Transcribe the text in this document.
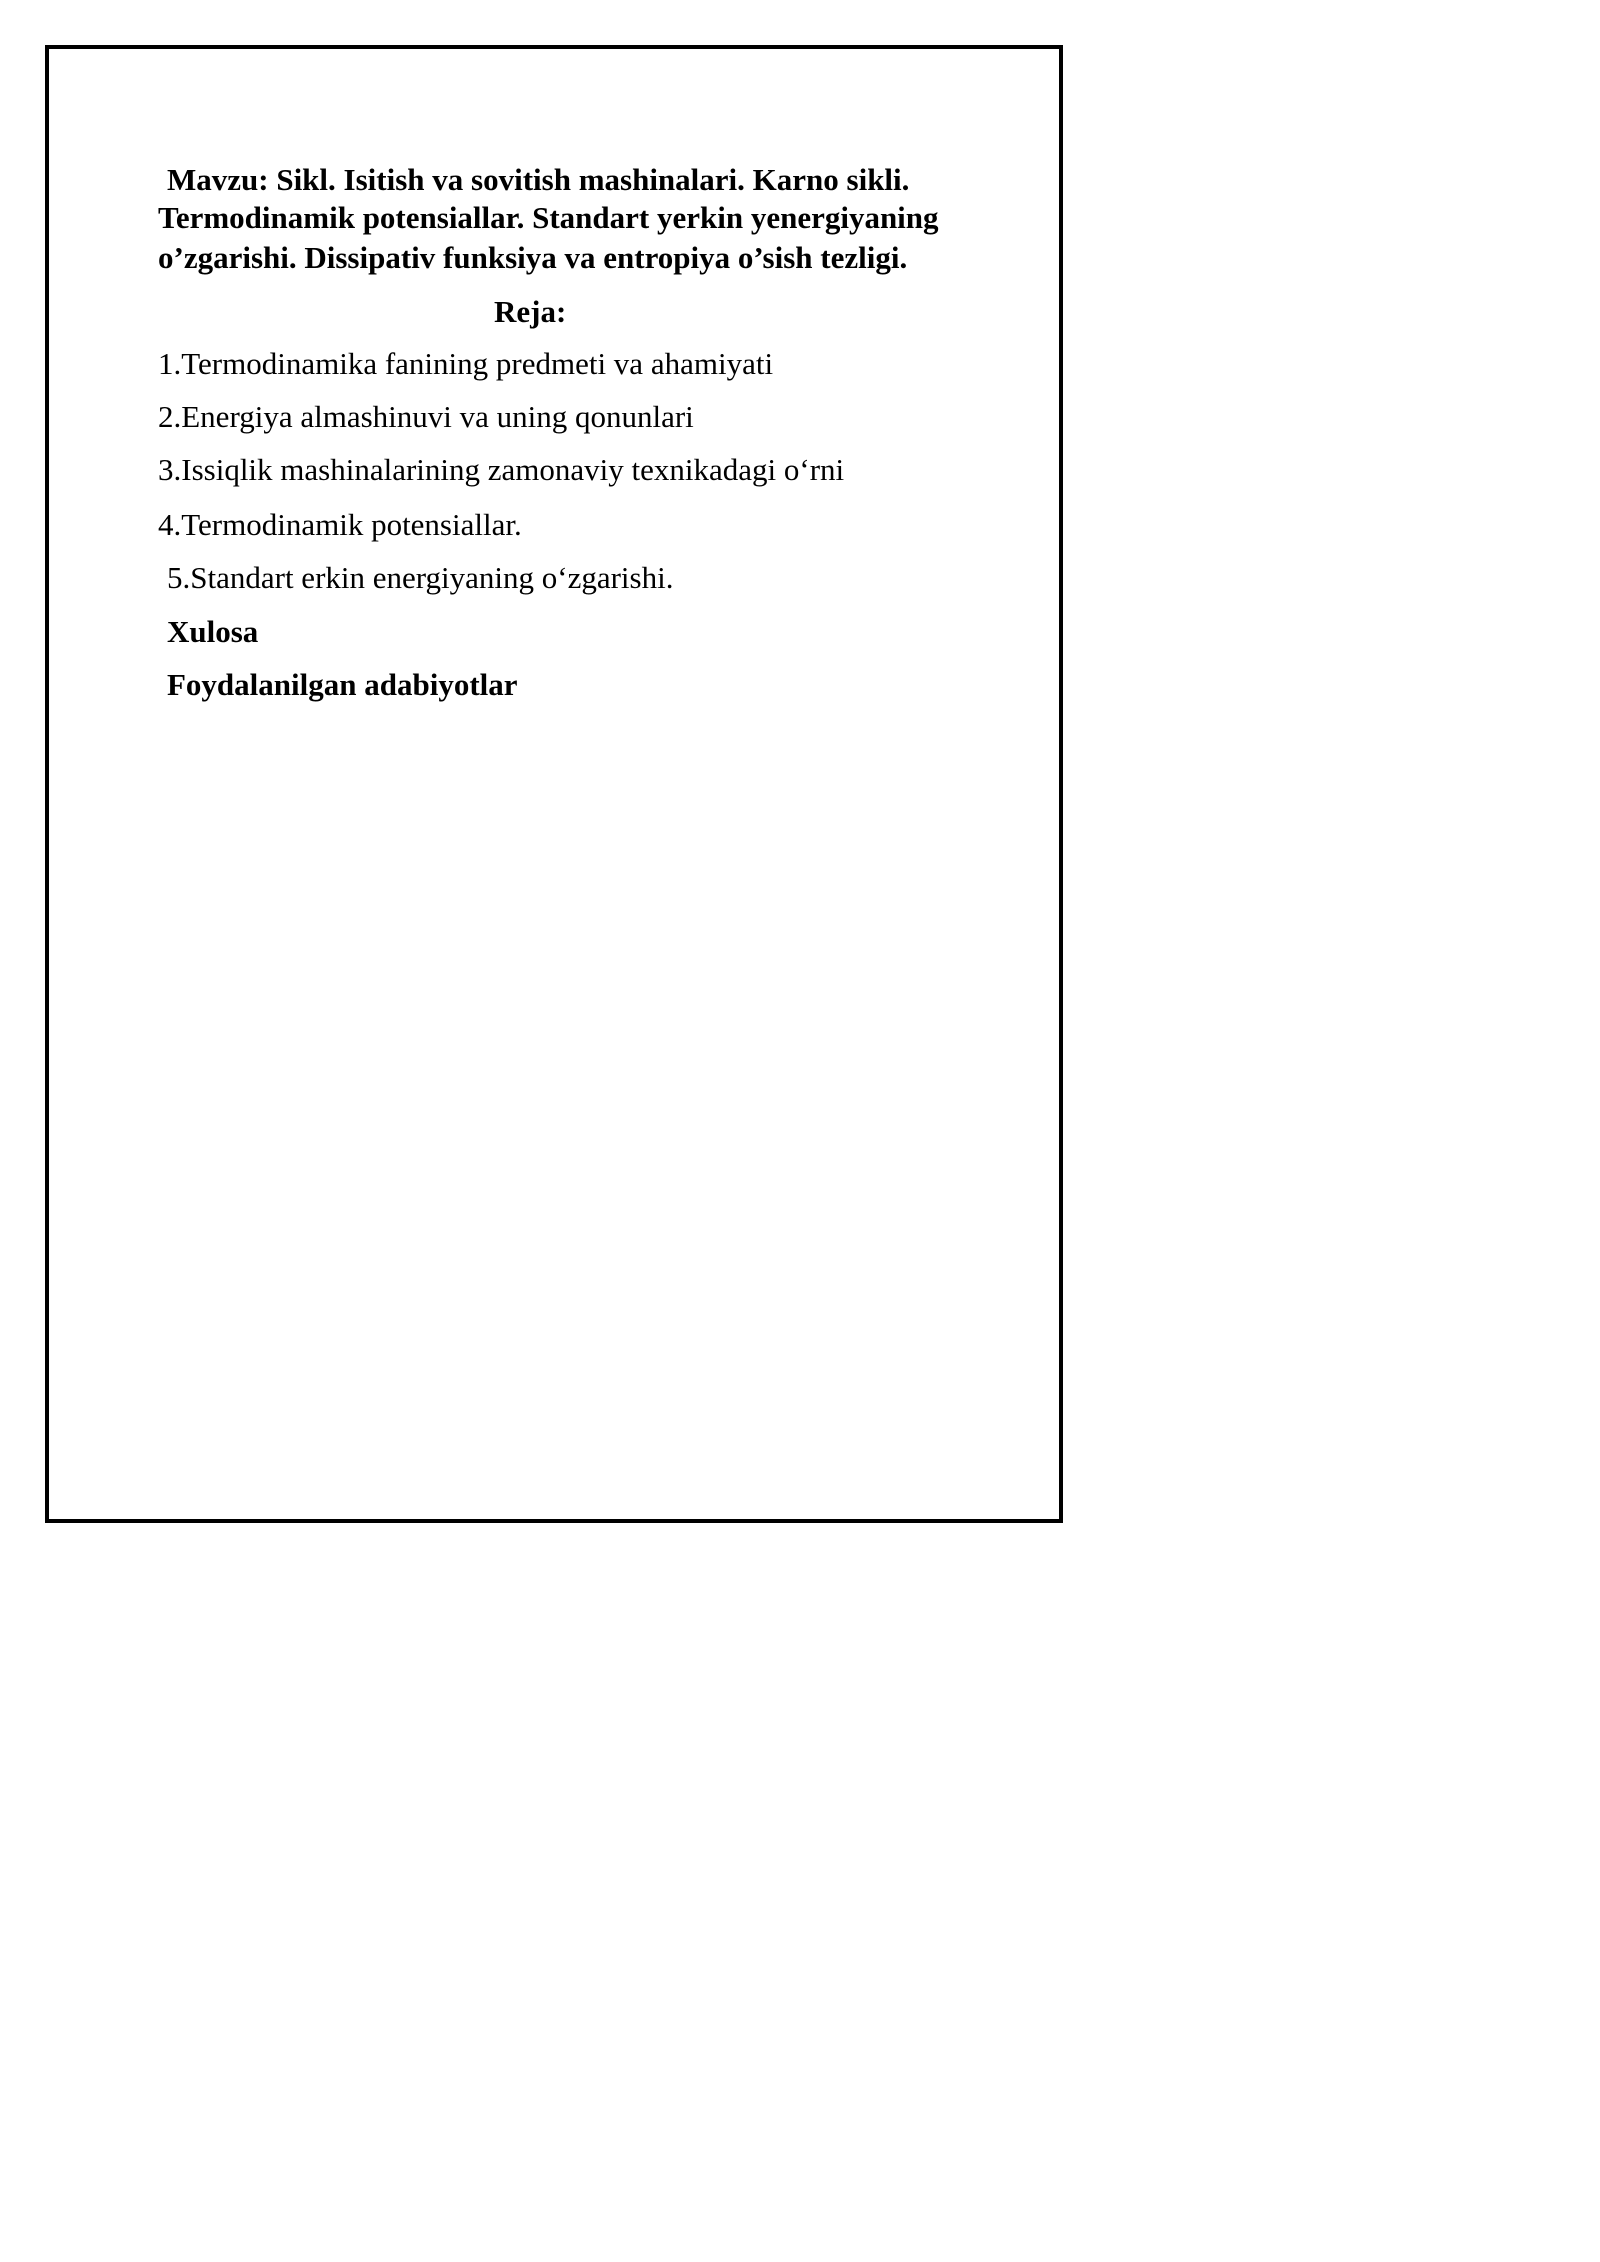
Mavzu: Sikl. Isitish va sovitish mashinalari. Karno sikli.

Termodinamik potensiallar. Standart yerkin yenergiyaning

o’zgarishi. Dissipativ funksiya va entropiya o’sish tezligi.

Reja:

1.Termodinamika fanining predmeti va ahamiyati

2.Energiya almashinuvi va uning qonunlari

3.Issiqlik mashinalarining zamonaviy texnikadagi o‘rni

4.Termodinamik potensiallar.

5.Standart erkin energiyaning o‘zgarishi.

Xulosa

Foydalanilgan adabiyotlar
